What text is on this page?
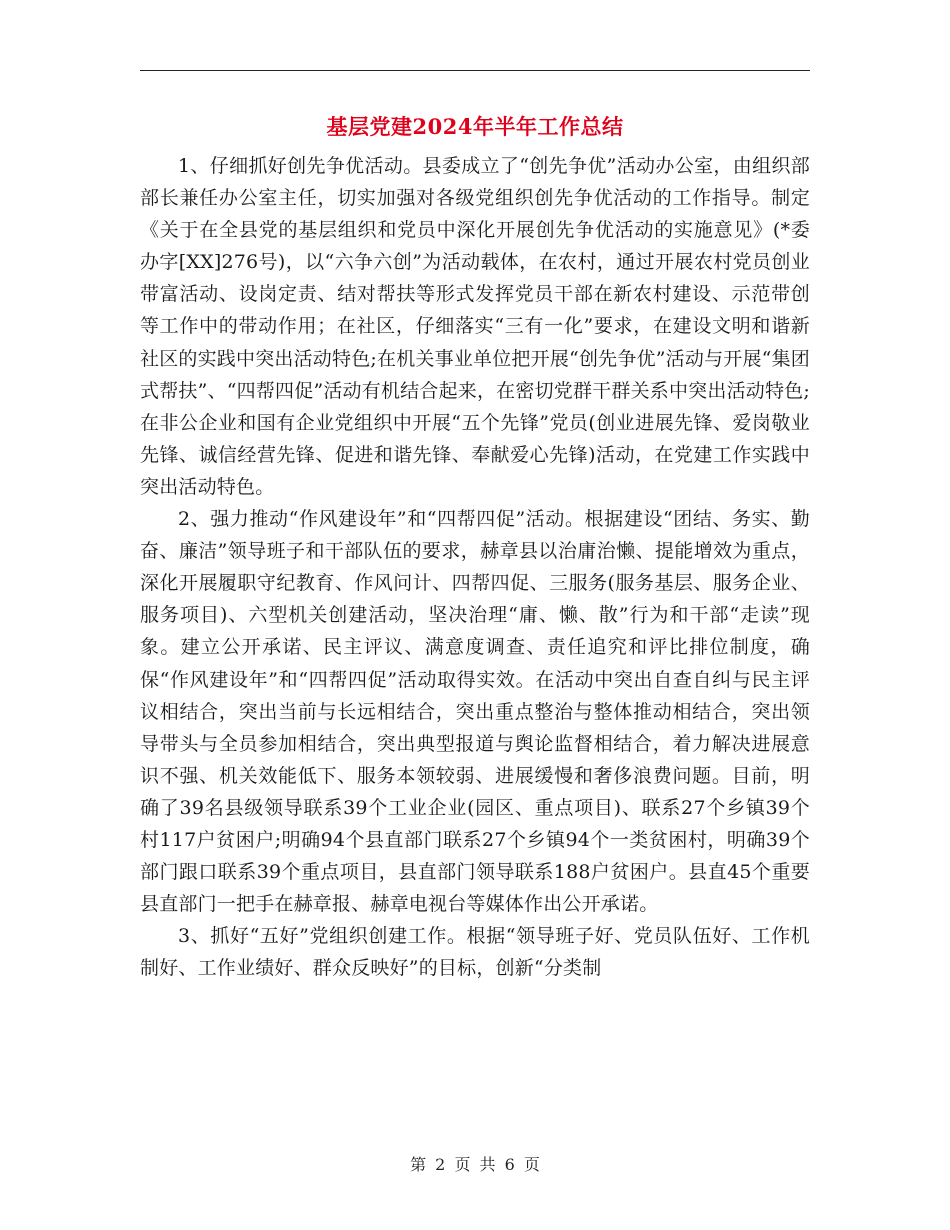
基层党建2024年半年工作总结

1、仔细抓好创先争优活动。县委成立了“创先争优”活动办公室，由组织部部长兼任办公室主任，切实加强对各级党组织创先争优活动的工作指导。制定《关于在全县党的基层组织和党员中深化开展创先争优活动的实施意见》(*委办字[XX]276号)，以“六争六创”为活动载体，在农村，通过开展农村党员创业带富活动、设岗定责、结对帮扶等形式发挥党员干部在新农村建设、示范带创等工作中的带动作用；在社区，仔细落实“三有一化”要求，在建设文明和谐新社区的实践中突出活动特色;在机关事业单位把开展“创先争优”活动与开展“集团式帮扶”、“四帮四促”活动有机结合起来，在密切党群干群关系中突出活动特色;在非公企业和国有企业党组织中开展“五个先锋”党员(创业进展先锋、爱岗敬业先锋、诚信经营先锋、促进和谐先锋、奉献爱心先锋)活动，在党建工作实践中突出活动特色。

2、强力推动“作风建设年”和“四帮四促”活动。根据建设“团结、务实、勤奋、廉洁”领导班子和干部队伍的要求，赫章县以治庸治懒、提能增效为重点，深化开展履职守纪教育、作风问计、四帮四促、三服务(服务基层、服务企业、服务项目)、六型机关创建活动，坚决治理“庸、懒、散”行为和干部“走读”现象。建立公开承诺、民主评议、满意度调查、责任追究和评比排位制度，确保“作风建设年”和“四帮四促”活动取得实效。在活动中突出自查自纠与民主评议相结合，突出当前与长远相结合，突出重点整治与整体推动相结合，突出领导带头与全员参加相结合，突出典型报道与舆论监督相结合，着力解决进展意识不强、机关效能低下、服务本领较弱、进展缓慢和奢侈浪费问题。目前，明确了39名县级领导联系39个工业企业(园区、重点项目)、联系27个乡镇39个村117户贫困户;明确94个县直部门联系27个乡镇94个一类贫困村，明确39个部门跟口联系39个重点项目，县直部门领导联系188户贫困户。县直45个重要县直部门一把手在赫章报、赫章电视台等媒体作出公开承诺。

3、抓好“五好”党组织创建工作。根据“领导班子好、党员队伍好、工作机制好、工作业绩好、群众反映好”的目标，创新“分类制

第 2 页 共 6 页
